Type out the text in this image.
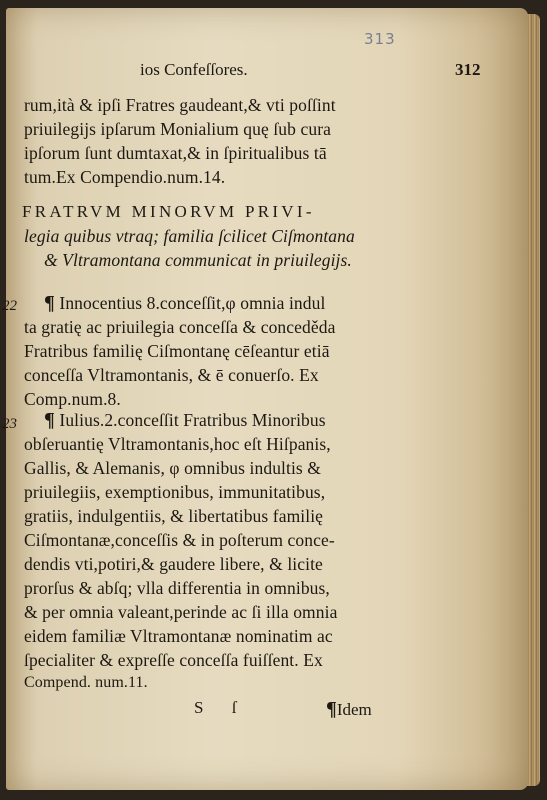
313
ios Confeſſores.	312
rum,ità & ipſi Fratres gaudeant,& vti poſſint
priuilegijs ipſarum Monialium quę ſub cura
ipſorum ſunt dumtaxat,& in ſpiritualibus tā
tum.Ex Compendio.num.14.
FRATRVM MINORVM PRIVI-
legia quibus vtraq; familia ſcilicet Ciſmontana
& Vltramontana communicat in priuilegijs.
22 ¶ Innocentius 8.conceſſit,φ omnia indul
ta gratię ac priuilegia conceſſa & conceděda
Fratribus familię Ciſmontanę cēſeantur etiā
conceſſa Vltramontanis, & ē conuerſo. Ex
Comp.num.8.
23 ¶ Iulius.2.conceſſit Fratribus Minoribus
obſeruantię Vltramontanis,hoc eſt Hiſpanis,
Gallis, & Alemanis, φ omnibus indultis &
priuilegiis, exemptionibus, immunitatibus,
gratiis, indulgentiis, & libertatibus familię
Ciſmontanæ,conceſſis & in poſterum conce-
dendis vti,potiri,& gaudere libere, & licite
prorſus & abſq; vlla differentia in omnibus,
& per omnia valeant,perinde ac ſi illa omnia
eidem familiæ Vltramontanæ nominatim ac
ſpecialiter & expreſſe conceſſa fuiſſent. Ex
Compend. num.11.
S ſ	¶Idem
